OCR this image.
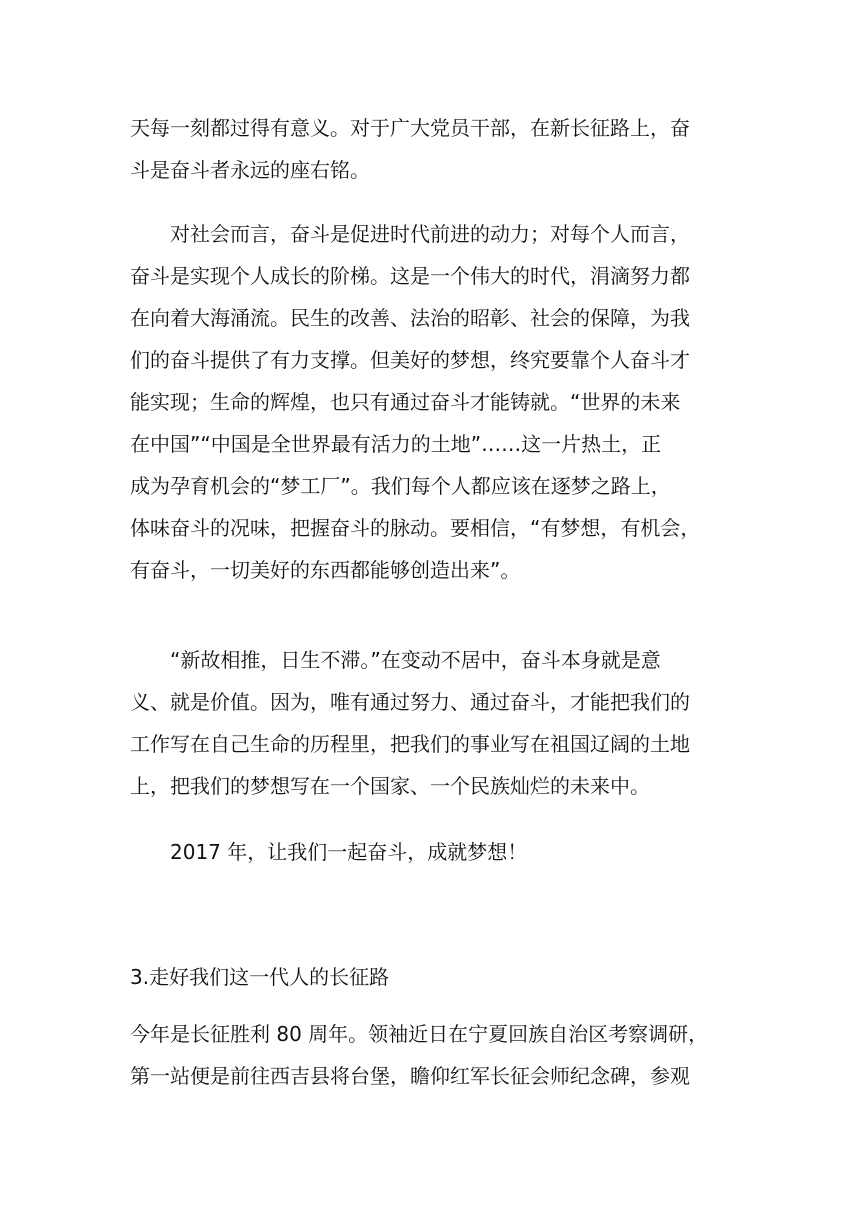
天每一刻都过得有意义。对于广大党员干部，在新长征路上，奋
斗是奋斗者永远的座右铭。

对社会而言，奋斗是促进时代前进的动力；对每个人而言，
奋斗是实现个人成长的阶梯。这是一个伟大的时代，涓滴努力都
在向着大海涌流。民生的改善、法治的昭彰、社会的保障，为我
们的奋斗提供了有力支撑。但美好的梦想，终究要靠个人奋斗才
能实现；生命的辉煌，也只有通过奋斗才能铸就。“世界的未来
在中国”“中国是全世界最有活力的土地”……这一片热土，正
成为孕育机会的“梦工厂”。我们每个人都应该在逐梦之路上，
体味奋斗的况味，把握奋斗的脉动。要相信，“有梦想，有机会，
有奋斗，一切美好的东西都能够创造出来”。

“新故相推，日生不滞。”在变动不居中，奋斗本身就是意
义、就是价值。因为，唯有通过努力、通过奋斗，才能把我们的
工作写在自己生命的历程里，把我们的事业写在祖国辽阔的土地
上，把我们的梦想写在一个国家、一个民族灿烂的未来中。

2017 年，让我们一起奋斗，成就梦想！

3.走好我们这一代人的长征路

今年是长征胜利 80 周年。领袖近日在宁夏回族自治区考察调研，
第一站便是前往西吉县将台堡，瞻仰红军长征会师纪念碑，参观
